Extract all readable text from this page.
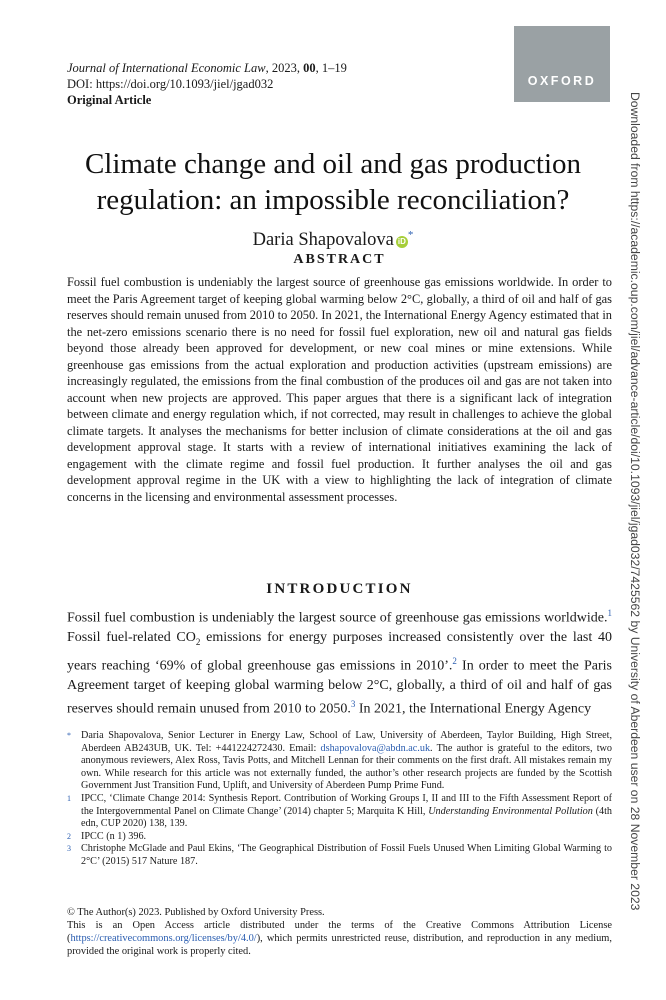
Journal of International Economic Law, 2023, 00, 1–19
DOI: https://doi.org/10.1093/jiel/jgad032
Original Article
OXFORD
Downloaded from https://academic.oup.com/jiel/advance-article/doi/10.1093/jiel/jgad032/7425562 by University of Aberdeen user on 28 November 2023
Climate change and oil and gas production
regulation: an impossible reconciliation?
Daria Shapovalova iD*
ABSTRACT

Fossil fuel combustion is undeniably the largest source of greenhouse gas emissions worldwide. In order to meet the Paris Agreement target of keeping global warming below 2°C, globally, a third of oil and half of gas reserves should remain unused from 2010 to 2050. In 2021, the International Energy Agency estimated that in the net-zero emissions scenario there is no need for fossil fuel exploration, new oil and natural gas fields beyond those already been approved for development, or new coal mines or mine extensions. While greenhouse gas emissions from the actual exploration and production activities (upstream emissions) are increasingly regulated, the emissions from the final combustion of the produces oil and gas are not taken into account when new projects are approved. This paper argues that there is a significant lack of integration between climate and energy regulation which, if not corrected, may result in challenges to achieve the global climate targets. It analyses the mechanisms for better inclusion of climate considerations at the oil and gas development approval stage. It starts with a review of international initiatives examining the lack of engagement with the climate regime and fossil fuel production. It further analyses the oil and gas development approval regime in the UK with a view to highlighting the lack of integration of climate concerns in the licensing and environmental assessment processes.

INTRODUCTION

Fossil fuel combustion is undeniably the largest source of greenhouse gas emissions worldwide.$^1$ Fossil fuel-related $CO_2$ emissions for energy purposes increased consistently over the last 40 years reaching ‘69% of global greenhouse gas emissions in 2010’.$^2$ In order to meet the Paris Agreement target of keeping global warming below 2°C, globally, a third of oil and half of gas reserves should remain unused from 2010 to 2050.$^3$ In 2021, the International Energy Agency

* Daria Shapovalova, Senior Lecturer in Energy Law, School of Law, University of Aberdeen, Taylor Building, High Street, Aberdeen AB243UB, UK. Tel: +441224272430. Email: dshapovalova@abdn.ac.uk. The author is grateful to the editors, two anonymous reviewers, Alex Ross, Tavis Potts, and Mitchell Lennan for their comments on the first draft. All mistakes remain my own. While research for this article was not externally funded, the author’s other research projects are funded by the Scottish Government Just Transition Fund, Uplift, and University of Aberdeen Pump Prime Fund.
1 IPCC, ‘Climate Change 2014: Synthesis Report. Contribution of Working Groups I, II and III to the Fifth Assessment Report of the Intergovernmental Panel on Climate Change’ (2014) chapter 5; Marquita K Hill, Understanding Environmental Pollution (4th edn, CUP 2020) 138, 139.
2 IPCC (n 1) 396.
3 Christophe McGlade and Paul Ekins, ‘The Geographical Distribution of Fossil Fuels Unused When Limiting Global Warming to 2°C’ (2015) 517 Nature 187.
© The Author(s) 2023. Published by Oxford University Press.
This is an Open Access article distributed under the terms of the Creative Commons Attribution License (https://creativecommons.org/licenses/by/4.0/), which permits unrestricted reuse, distribution, and reproduction in any medium, provided the original work is properly cited.
